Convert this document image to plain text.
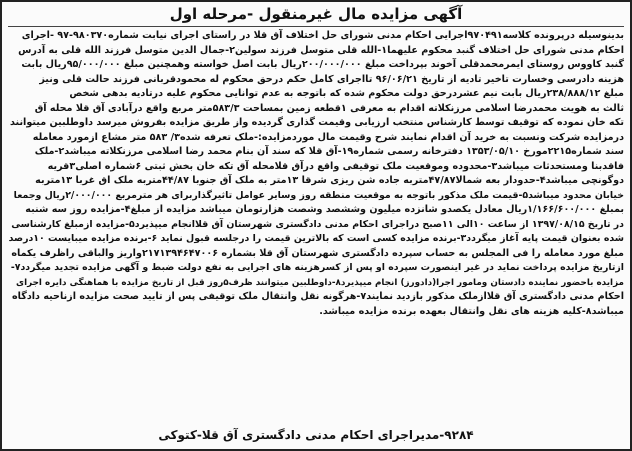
آگهی مزایده مال غیرمنقول -مرحله اول
بدینوسیله درپرونده کلاسه۹۷۰۴۹۱اجرایی احکام مدنی شورای حل اختلاف آق قلا در راستای اجرای نیابت شماره۹۸۰۳۷۰-۹۷ -اجرای
احکام مدنی شورای حل اختلاف گنبد محکوم علیهما۱-الله قلی متوسل فرزند سولین۲-جمال الدین متوسل فرزند الله قلی به آدرس
گنبد کاووس روستای ایمرمحمدقلی آخوند بپرداخت مبلغ ۲۰۰/۰۰۰/۰۰۰ریال بابت اصل خواسته وهمچنین مبلغ ۹۵/۰۰۰/۰۰۰ریال بابت
هزینه دادرسی وخسارت تاخیر تادیه از تاریخ ۹۶/۰۶/۲۱ تااجرای کامل حکم درحق محکوم له محمودقربانی فرزند حالت قلی ونیز
مبلغ ۲۳۸/۸۸۸/۱۲ریال بابت نیم عشردرحق دولت محکوم شده که باتوجه به عدم توانایی محکوم علیه درتادیه بدهی شخص
ثالث به هویت محمدرضا اسلامی مرزنکلاته اقدام به معرفی ۱قطعه زمین بمساحت ۵۸۳/۳متر مربع واقع درآبادی آق قلا محله آق
تکه خان نموده که توقیف توسط کارشناس منتخب ارزیابی وقیمت گذاری گردیده واز طریق مزایده بفروش میرسد داوطلبین میتوانند
درمزایده شرکت ونسبت به خرید آن اقدام نمایند شرح وقیمت مال موردمزایده:-ملک تعرفه شده۳/ ۵۸۳ متر مشاع ازمورد معامله
سند شماره۲۲۱۵مورخ ۱۳۵۳/۰۵/۱۰ دفترخانه رسمی شماره۱۹-آق قلا که سند آن بنام محمد رضا اسلامی مرزنکلاته میباشد۲-ملک
فاقدبنا ومستحدثات میباشد۳-محدوده وموقعیت ملک توقیفی واقع درآق قلامحله آق تکه خان بخش ثبتی ۶شماره اصلی۳قریه
دوگونچی میباشد۴-حدودار بعه شمالا۴۷/۸۷متربه جاده شن ریزی شرقا ۱۳متر به ملک آق جنوبا ۴۴/۸۷متربه ملک اق غربا ۱۳متربه
خیابان محدود میباشد۵-قیمت ملک مذکور باتوجه به موقعیت منطقه روز وسایر عوامل تاثیرگذاربرای هر مترمربع ۲/۰۰۰/۰۰۰ریال وجمعا
بمبلغ ۱/۱۶۶/۶۰۰/۰۰۰ریال معادل یکصدو شانزده میلیون وششصد وشصت هزارتومان میباشد مزایده از مبلغ۴-مزایده روز سه شنبه
در تاریخ ۱۳۹۷/۰۸/۱۵ از ساعت ۱۰الی ۱۱صبح دراجرای احکام مدنی دادگستری شهرستان آق قلاانجام میپذیرد۵-مزایده ازمبلغ کارشناسی
شده بعنوان قیمت پایه آغاز میگردد۳-برنده مزایده کسی است که بالاترین قیمت را درجلسه قبول نماید ۶-برنده مزایده میبایست ۱۰درصد
مبلغ مورد معامله را فی المجلس به حساب سپرده دادگستری شهرستان آق قلا بشماره ۲۱۷۱۳۹۴۶۴۷۰۰۶واریز والباقی راظرف یکماه
ازتاریخ مزایده پرداخت نماید در غیر اینصورت سپرده او پس از کسرهزینه های اجرایی به نفع دولت ضبط و آگهی مزایده تجدید میگردد۷-
مزایده باحضور نماینده دادستان ومامور اجرا(دادورز) انجام میپذیرد۸-داوطلبین میتوانند ظرف۵روز قبل از تاریخ مزایده با هماهنگی دایره اجرای
احکام مدنی دادگستری آق قلاازملک مذکور بازدید نمایند۷-هرگونه نقل وانتقال ملک توقیفی پس از تایید صحت مزایده ازناحیه دادگاه
میباشد۸-کلیه هزینه های نقل وانتقال بعهده برنده مزایده میباشد.
۹۲۸۴-مدیراجرای احکام مدنی دادگستری آق قلا-کتوکی
